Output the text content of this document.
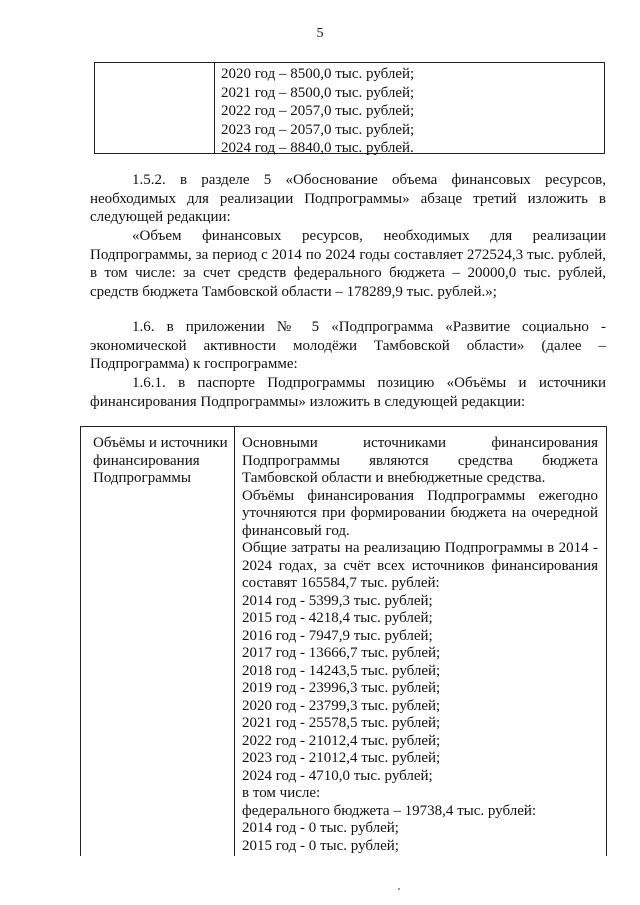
5
2020 год – 8500,0 тыс. рублей;
2021 год – 8500,0 тыс. рублей;
2022 год – 2057,0 тыс. рублей;
2023 год – 2057,0 тыс. рублей;
2024 год – 8840,0 тыс. рублей.
1.5.2. в разделе 5 «Обоснование объема финансовых ресурсов, необходимых для реализации Подпрограммы» абзаце третий изложить в следующей редакции:
«Объем финансовых ресурсов, необходимых для реализации Подпрограммы, за период с 2014 по 2024 годы составляет 272524,3 тыс. рублей, в том числе: за счет средств федерального бюджета – 20000,0 тыс. рублей, средств бюджета Тамбовской области – 178289,9 тыс. рублей.»;
1.6. в приложении № 5 «Подпрограмма «Развитие социально - экономической активности молодёжи Тамбовской области» (далее – Подпрограмма) к госпрограмме:
1.6.1. в паспорте Подпрограммы позицию «Объёмы и источники финансирования Подпрограммы» изложить в следующей редакции:
Объёмы и источники финансирования Подпрограммы
Основными источниками финансирования Подпрограммы являются средства бюджета Тамбовской области и внебюджетные средства.
Объёмы финансирования Подпрограммы ежегодно уточняются при формировании бюджета на очередной финансовый год.
Общие затраты на реализацию Подпрограммы в 2014 - 2024 годах, за счёт всех источников финансирования составят 165584,7 тыс. рублей:
2014 год - 5399,3 тыс. рублей;
2015 год - 4218,4 тыс. рублей;
2016 год - 7947,9 тыс. рублей;
2017 год - 13666,7 тыс. рублей;
2018 год - 14243,5 тыс. рублей;
2019 год - 23996,3 тыс. рублей;
2020 год - 23799,3 тыс. рублей;
2021 год - 25578,5 тыс. рублей;
2022 год - 21012,4 тыс. рублей;
2023 год - 21012,4 тыс. рублей;
2024 год - 4710,0 тыс. рублей;
в том числе:
федерального бюджета – 19738,4 тыс. рублей:
2014 год - 0 тыс. рублей;
2015 год - 0 тыс. рублей;
